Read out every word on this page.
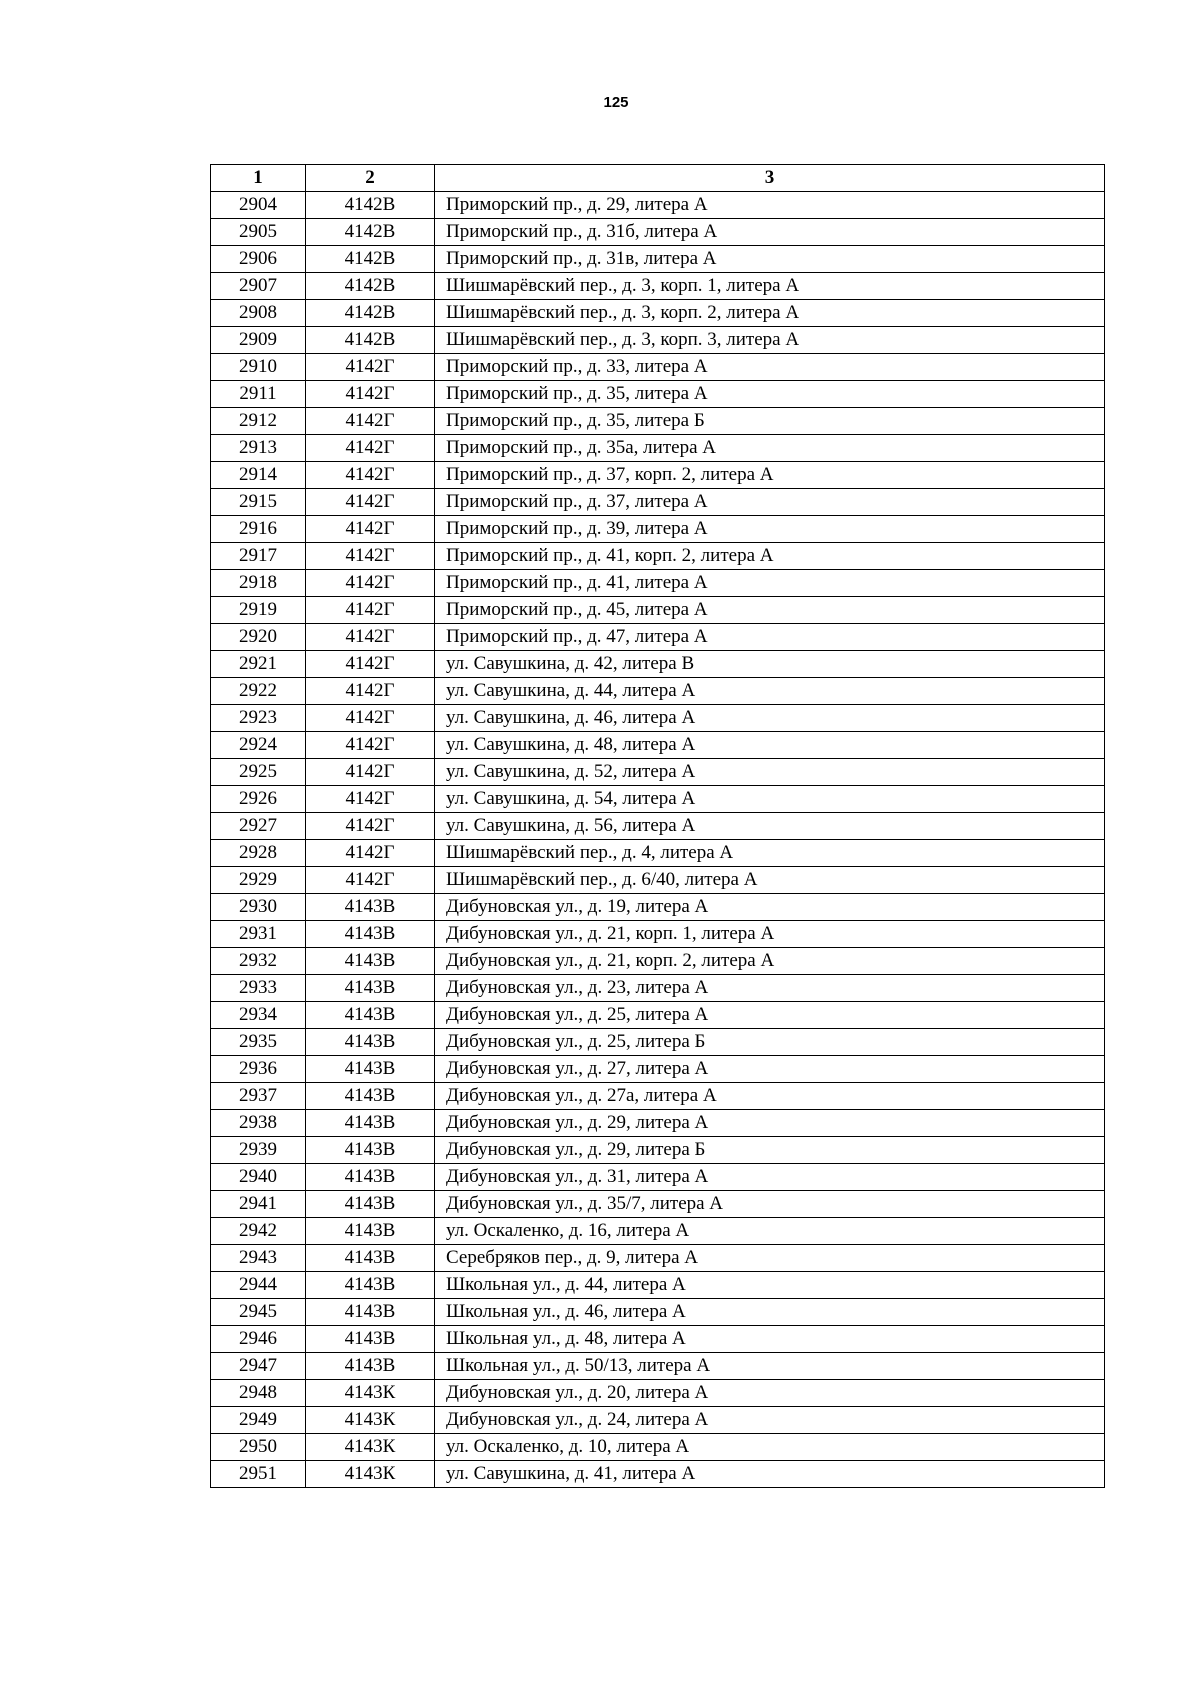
125
1	2	3
2904	4142В	Приморский пр., д. 29, литера А
2905	4142В	Приморский пр., д. 31б, литера А
2906	4142В	Приморский пр., д. 31в, литера А
2907	4142В	Шишмарёвский пер., д. 3, корп. 1, литера А
2908	4142В	Шишмарёвский пер., д. 3, корп. 2, литера А
2909	4142В	Шишмарёвский пер., д. 3, корп. 3, литера А
2910	4142Г	Приморский пр., д. 33, литера А
2911	4142Г	Приморский пр., д. 35, литера А
2912	4142Г	Приморский пр., д. 35, литера Б
2913	4142Г	Приморский пр., д. 35а, литера А
2914	4142Г	Приморский пр., д. 37, корп. 2, литера А
2915	4142Г	Приморский пр., д. 37, литера А
2916	4142Г	Приморский пр., д. 39, литера А
2917	4142Г	Приморский пр., д. 41, корп. 2, литера А
2918	4142Г	Приморский пр., д. 41, литера А
2919	4142Г	Приморский пр., д. 45, литера А
2920	4142Г	Приморский пр., д. 47, литера А
2921	4142Г	ул. Савушкина, д. 42, литера В
2922	4142Г	ул. Савушкина, д. 44, литера А
2923	4142Г	ул. Савушкина, д. 46, литера А
2924	4142Г	ул. Савушкина, д. 48, литера А
2925	4142Г	ул. Савушкина, д. 52, литера А
2926	4142Г	ул. Савушкина, д. 54, литера А
2927	4142Г	ул. Савушкина, д. 56, литера А
2928	4142Г	Шишмарёвский пер., д. 4, литера А
2929	4142Г	Шишмарёвский пер., д. 6/40, литера А
2930	4143В	Дибуновская ул., д. 19, литера А
2931	4143В	Дибуновская ул., д. 21, корп. 1, литера А
2932	4143В	Дибуновская ул., д. 21, корп. 2, литера А
2933	4143В	Дибуновская ул., д. 23, литера А
2934	4143В	Дибуновская ул., д. 25, литера А
2935	4143В	Дибуновская ул., д. 25, литера Б
2936	4143В	Дибуновская ул., д. 27, литера А
2937	4143В	Дибуновская ул., д. 27а, литера А
2938	4143В	Дибуновская ул., д. 29, литера А
2939	4143В	Дибуновская ул., д. 29, литера Б
2940	4143В	Дибуновская ул., д. 31, литера А
2941	4143В	Дибуновская ул., д. 35/7, литера А
2942	4143В	ул. Оскаленко, д. 16, литера А
2943	4143В	Серебряков пер., д. 9, литера А
2944	4143В	Школьная ул., д. 44, литера А
2945	4143В	Школьная ул., д. 46, литера А
2946	4143В	Школьная ул., д. 48, литера А
2947	4143В	Школьная ул., д. 50/13, литера А
2948	4143К	Дибуновская ул., д. 20, литера А
2949	4143К	Дибуновская ул., д. 24, литера А
2950	4143К	ул. Оскаленко, д. 10, литера А
2951	4143К	ул. Савушкина, д. 41, литера А
